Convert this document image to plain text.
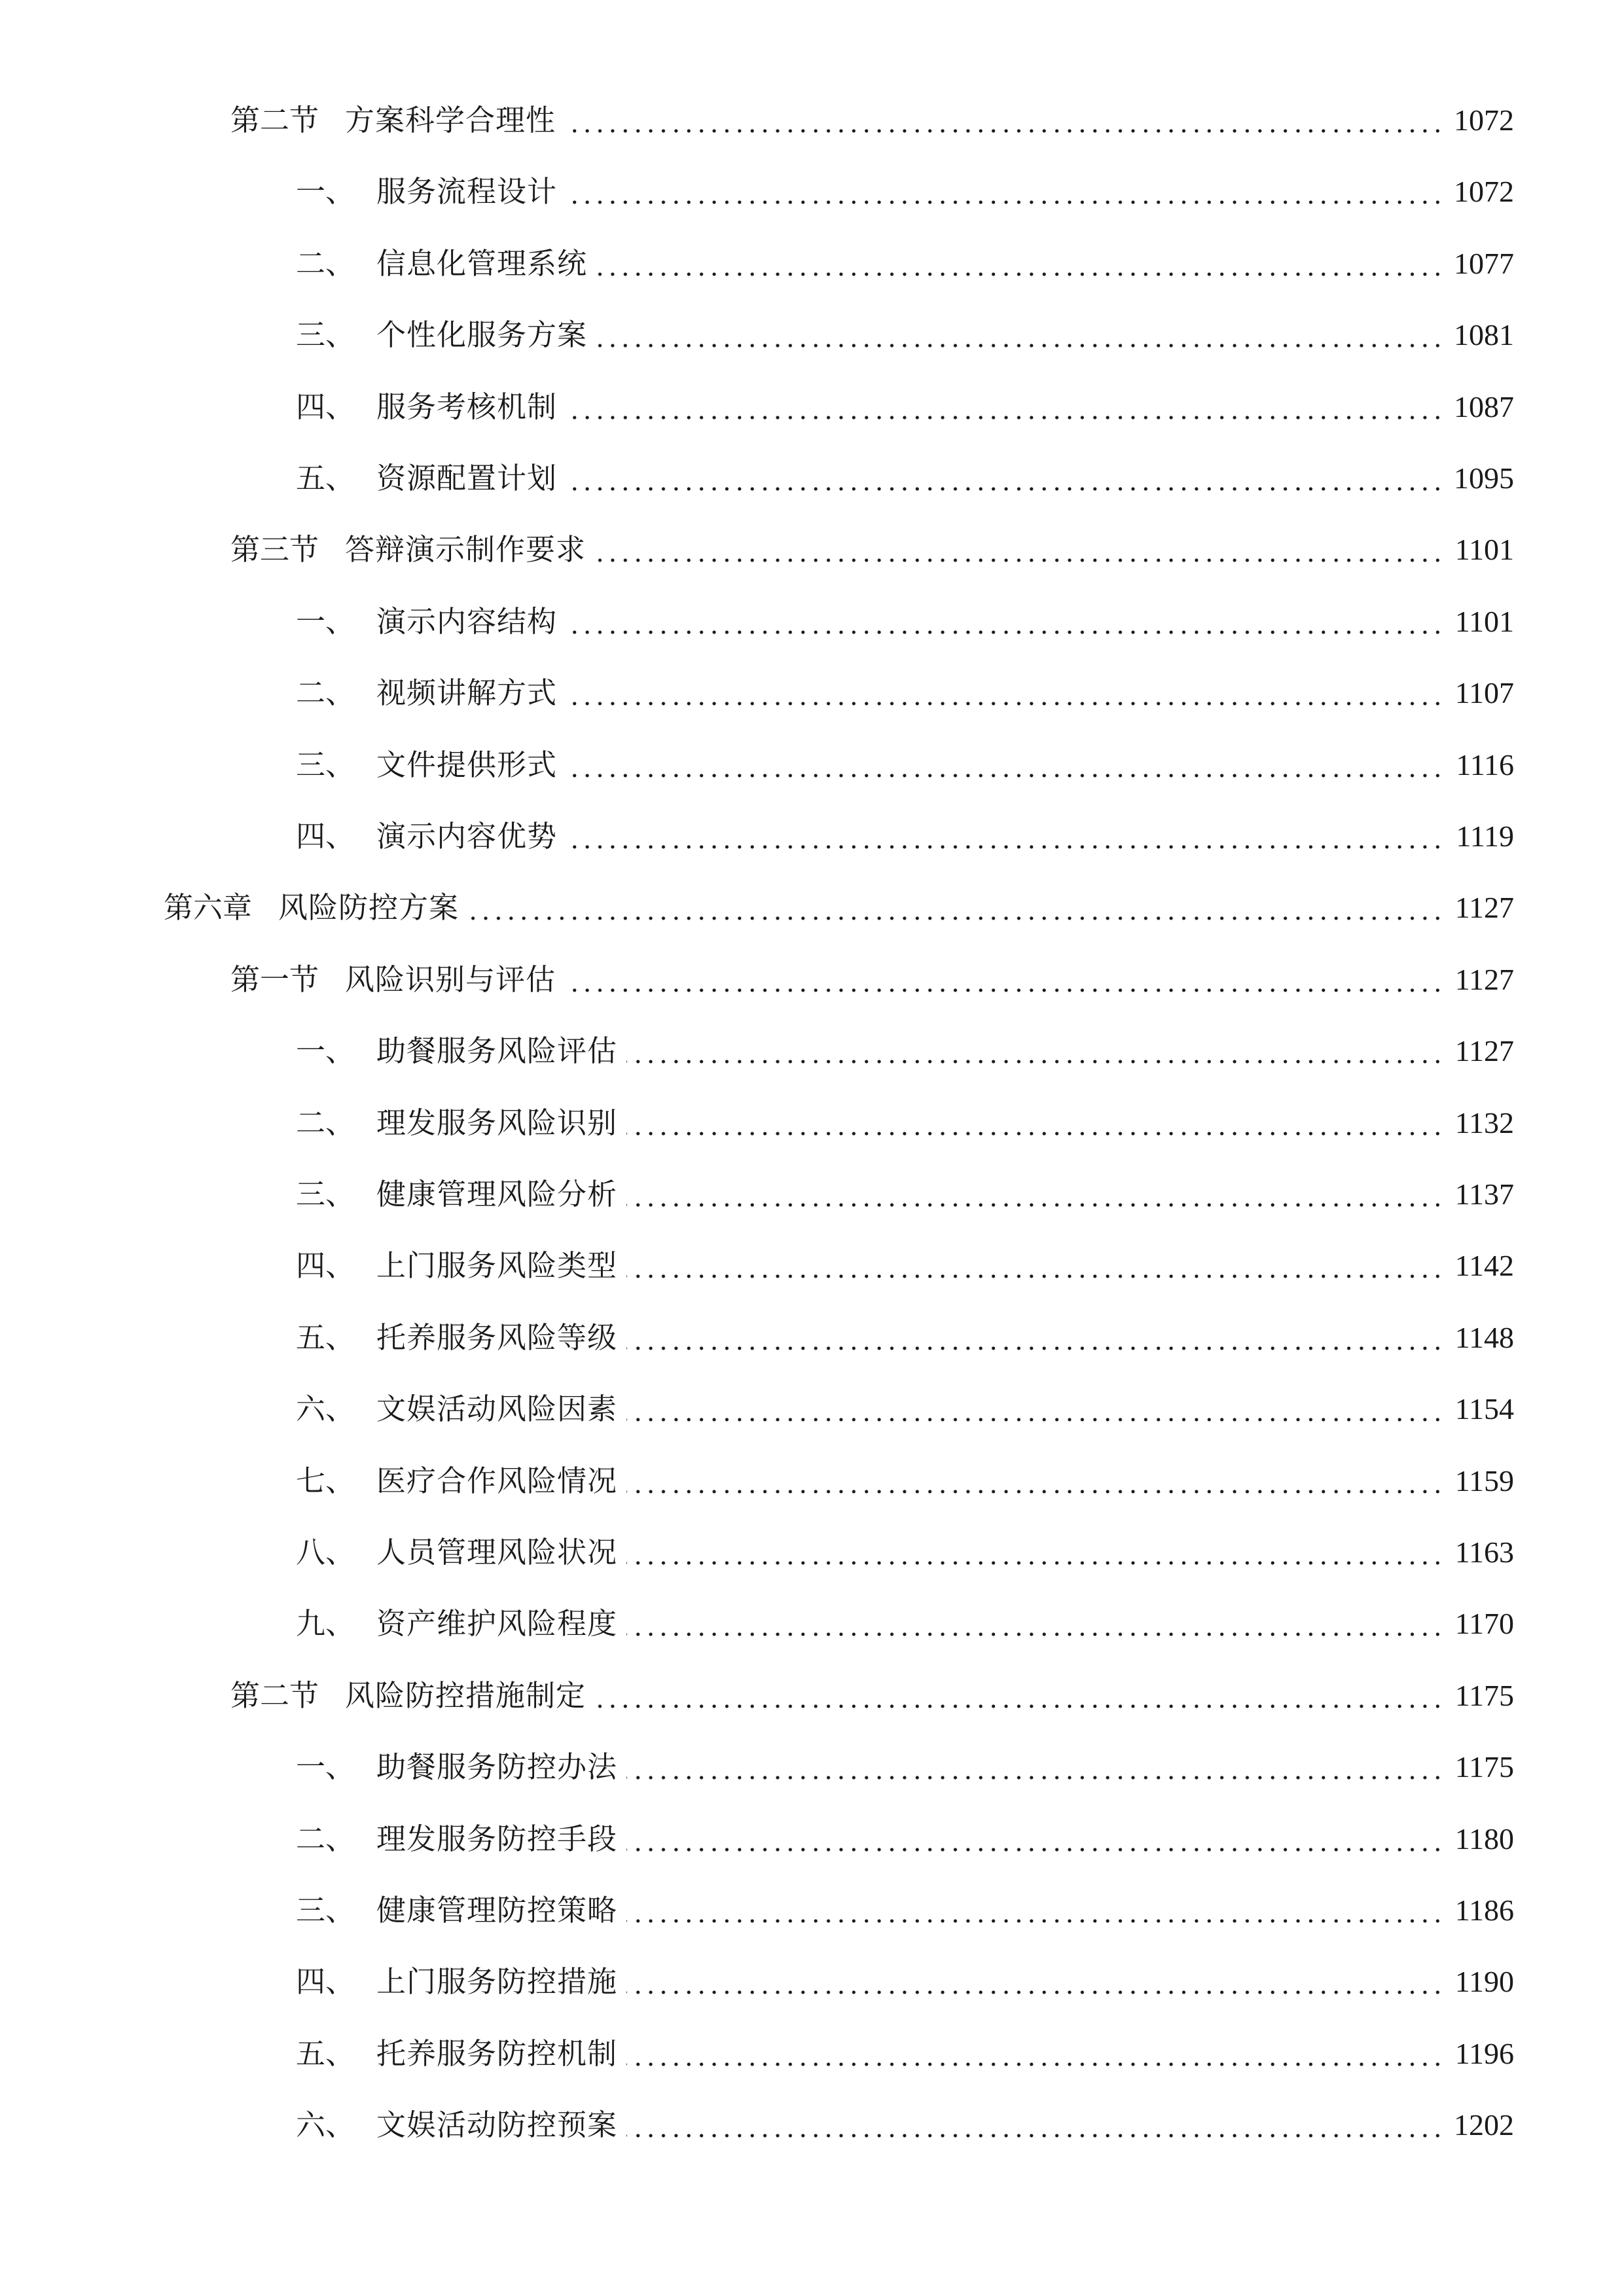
第二节 方案科学合理性	1072
一、 服务流程设计	1072
二、 信息化管理系统	1077
三、 个性化服务方案	1081
四、 服务考核机制	1087
五、 资源配置计划	1095
第三节 答辩演示制作要求	1101
一、 演示内容结构	1101
二、 视频讲解方式	1107
三、 文件提供形式	1116
四、 演示内容优势	1119
第六章 风险防控方案	1127
第一节 风险识别与评估	1127
一、 助餐服务风险评估	1127
二、 理发服务风险识别	1132
三、 健康管理风险分析	1137
四、 上门服务风险类型	1142
五、 托养服务风险等级	1148
六、 文娱活动风险因素	1154
七、 医疗合作风险情况	1159
八、 人员管理风险状况	1163
九、 资产维护风险程度	1170
第二节 风险防控措施制定	1175
一、 助餐服务防控办法	1175
二、 理发服务防控手段	1180
三、 健康管理防控策略	1186
四、 上门服务防控措施	1190
五、 托养服务防控机制	1196
六、 文娱活动防控预案	1202
